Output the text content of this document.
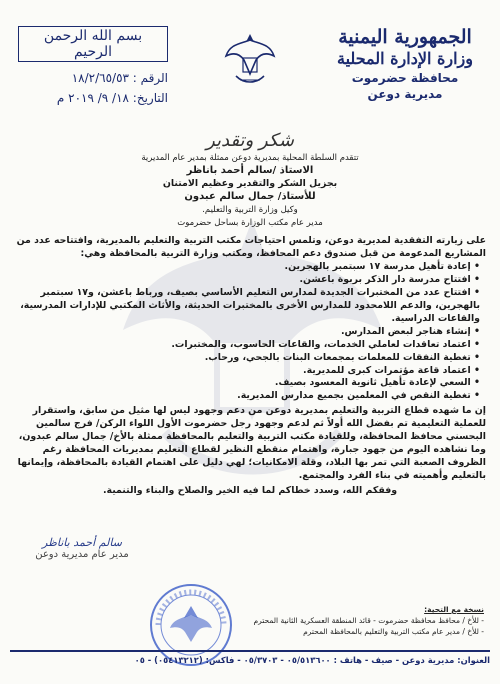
الجمهورية اليمنية
وزارة الإدارة المحلية
محافظة حضرموت
مديرية دوعن
بسم الله الرحمن الرحيم
الرقم : ١٨/٢/٦٥/٥٣
التاريخ: ١٨/ ٩/ ٢٠١٩ م
شكر وتقدير

تتقدم السلطة المحلية بمديرية دوعن ممثلة بمدير عام المديرية

الاستاذ /سالم أحمد باناظر

بجزيل الشكر والتقدير وعظيم الامتنان

للأستاذ/ جمال سالم عبدون

وكيل وزارة التربية والتعليم.

مدير عام مكتب الوزارة بساحل حضرموت

على زيارته التفقدية لمديرية دوعن، وتلمس احتياجات مكتب التربية والتعليم بالمديرية، وافتتاحه عدد من المشاريع المدعومة من قبل صندوق دعم المحافظ، ومكتب وزارة التربية بالمحافظة وهي:

• إعادة تأهيل مدرسة ١٧ سبتمبر بالهجرين.
• افتتاح مدرسة دار الذكر بربوة باعشن.
• افتتاح عدد من المختبرات الجديدة لمدارس التعليم الأساسي بصيف، ورباط باعشن، و١٧ سبتمبر بالهجرين، والدعم اللامحدود للمدارس الأخرى بالمختبرات الحديثة، والأثاث المكتبي للإدارات المدرسية، والقاعات الدراسية.
• إنشاء هناجر لبعض المدارس.
• اعتماد تعاقدات لعاملي الخدمات، والقاعات الحاسوب، والمختبرات.
• تغطية النفقات للمعلمات بمجمعات البنات بالجحي، ورحاب.
• اعتماد قاعة مؤتمرات كبرى للمديرية.
• السعي لإعادة تأهيل ثانوية المعسود بصيف.
• تغطية النقص في المعلمين بجميع مدارس المديرية.

إن ما شهده قطاع التربية والتعليم بمديرية دوعن من دعم وجهود ليس لها مثيل من سابق، واستقرار للعملية التعليمية تم بفضل الله أولاً ثم لدعم وجهود رجل حضرموت الأول اللواء الركن/ فرج سالمين البحسني محافظ المحافظة، وللقيادة مكتب التربية والتعليم بالمحافظة ممثلة بالأخ/ جمال سالم عبدون، وما نشاهده اليوم من جهود جبارة، واهتمام منقطع النظير لقطاع التعليم بمديريات المحافظة رغم الظروف الصعبة التي تمر بها البلاد، وقلة الامكانيات؛ لهي دليل على اهتمام القيادة بالمحافظة، وإيمانها بالتعليم وأهميته في بناء الفرد والمجتمع.

وفقكم الله، وسدد خطاكم لما فيه الخير والصلاح والبناء والتنمية.

سالم أحمد باناظر
مدير عام مديرية دوعن
نسخة مع التحية:
- للأخ / محافظ محافظة حضرموت - قائد المنطقة العسكرية الثانية المحترم
- للأخ / مدير عام مكتب التربية والتعليم بالمحافظة المحترم
العنوان: مديرية دوعن - صيف - هاتف : ٠٥/٥١٣٦٠٠ - ٠٥/٣٧٠٣ - فاكس: (٠٥٤١٣٢١٢) - ٠٥
